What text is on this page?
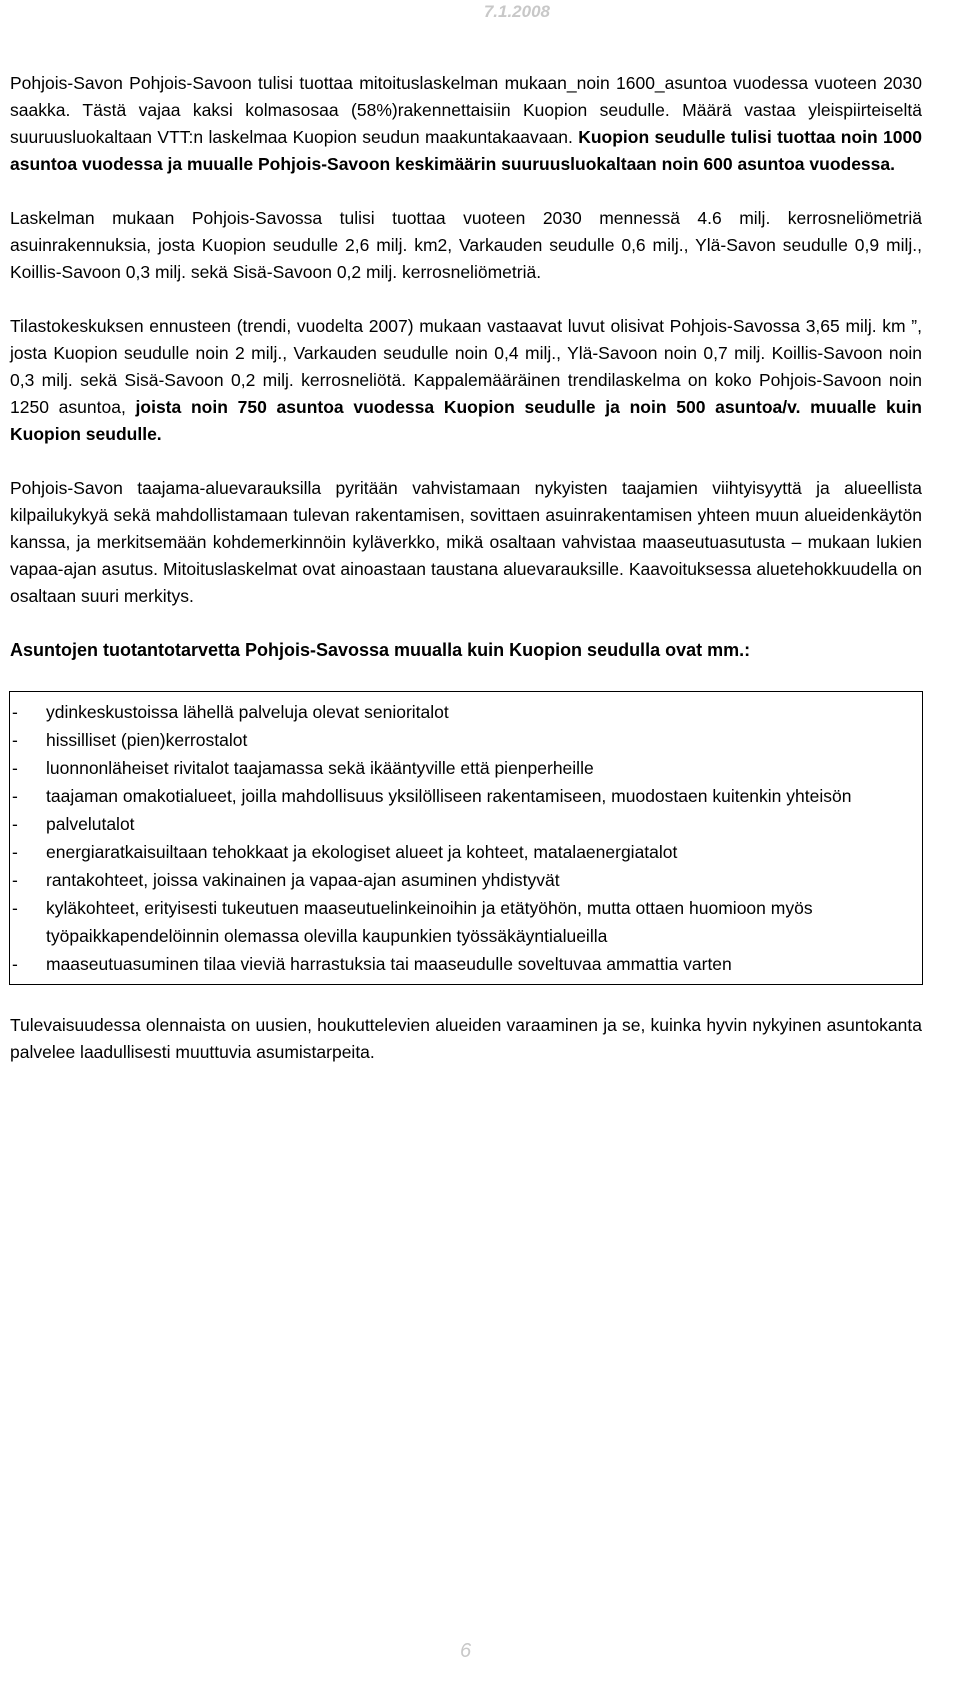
7.1.2008

Pohjois-Savon Pohjois-Savoon tulisi tuottaa mitoituslaskelman mukaan_noin 1600_asuntoa vuodessa vuoteen 2030 saakka. Tästä vajaa kaksi kolmasosaa (58%)rakennettaisiin Kuopion seudulle. Määrä vastaa yleispiirteiseltä suuruusluokaltaan VTT:n laskelmaa Kuopion seudun maakuntakaavaan. Kuopion seudulle tulisi tuottaa noin 1000 asuntoa vuodessa ja muualle Pohjois-Savoon keskimäärin suuruusluokaltaan noin 600 asuntoa vuodessa.

Laskelman mukaan Pohjois-Savossa tulisi tuottaa vuoteen 2030 mennessä 4.6 milj. kerrosneliömetriä asuinrakennuksia, josta Kuopion seudulle 2,6 milj. km2, Varkauden seudulle 0,6 milj., Ylä-Savon seudulle 0,9 milj., Koillis-Savoon 0,3 milj. sekä Sisä-Savoon 0,2 milj. kerrosneliömetriä.

Tilastokeskuksen ennusteen (trendi, vuodelta 2007) mukaan vastaavat luvut olisivat Pohjois-Savossa 3,65 milj. km ”, josta Kuopion seudulle noin 2 milj., Varkauden seudulle noin 0,4 milj., Ylä-Savoon noin 0,7 milj. Koillis-Savoon noin 0,3 milj. sekä Sisä-Savoon 0,2 milj. kerrosneliötä. Kappalemääräinen trendilaskelma on koko Pohjois-Savoon noin 1250 asuntoa, joista noin 750 asuntoa vuodessa Kuopion seudulle ja noin 500 asuntoa/v. muualle kuin Kuopion seudulle.

Pohjois-Savon taajama-aluevarauksilla pyritään vahvistamaan nykyisten taajamien viihtyisyyttä ja alueellista kilpailukykyä sekä mahdollistamaan tulevan rakentamisen, sovittaen asuinrakentamisen yhteen muun alueidenkäytön kanssa, ja merkitsemään kohdemerkinnöin kyläverkko, mikä osaltaan vahvistaa maaseutuasutusta – mukaan lukien vapaa-ajan asutus. Mitoituslaskelmat ovat ainoastaan taustana aluevarauksille. Kaavoituksessa aluetehokkuudella on osaltaan suuri merkitys.

Asuntojen tuotantotarvetta Pohjois-Savossa muualla kuin Kuopion seudulla ovat mm.:
- ydinkeskustoissa lähellä palveluja olevat senioritalot
- hissilliset (pien)kerrostalot
- luonnonläheiset rivitalot taajamassa sekä ikääntyville että pienperheille
- taajaman omakotialueet, joilla mahdollisuus yksilölliseen rakentamiseen, muodostaen kuitenkin yhteisön
- palvelutalot
- energiaratkaisuiltaan tehokkaat ja ekologiset alueet ja kohteet, matalaenergiatalot
- rantakohteet, joissa vakinainen ja vapaa-ajan asuminen yhdistyvät
- kyläkohteet, erityisesti tukeutuen maaseutuelinkeinoihin ja etätyöhön, mutta ottaen huomioon myös työpaikkapendelöinnin olemassa olevilla kaupunkien työssäkäyntialueilla
- maaseutuasuminen tilaa vieviä harrastuksia tai maaseudulle soveltuvaa ammattia varten

Tulevaisuudessa olennaista on uusien, houkuttelevien alueiden varaaminen ja se, kuinka hyvin nykyinen asuntokanta palvelee laadullisesti muuttuvia asumistarpeita.

6
